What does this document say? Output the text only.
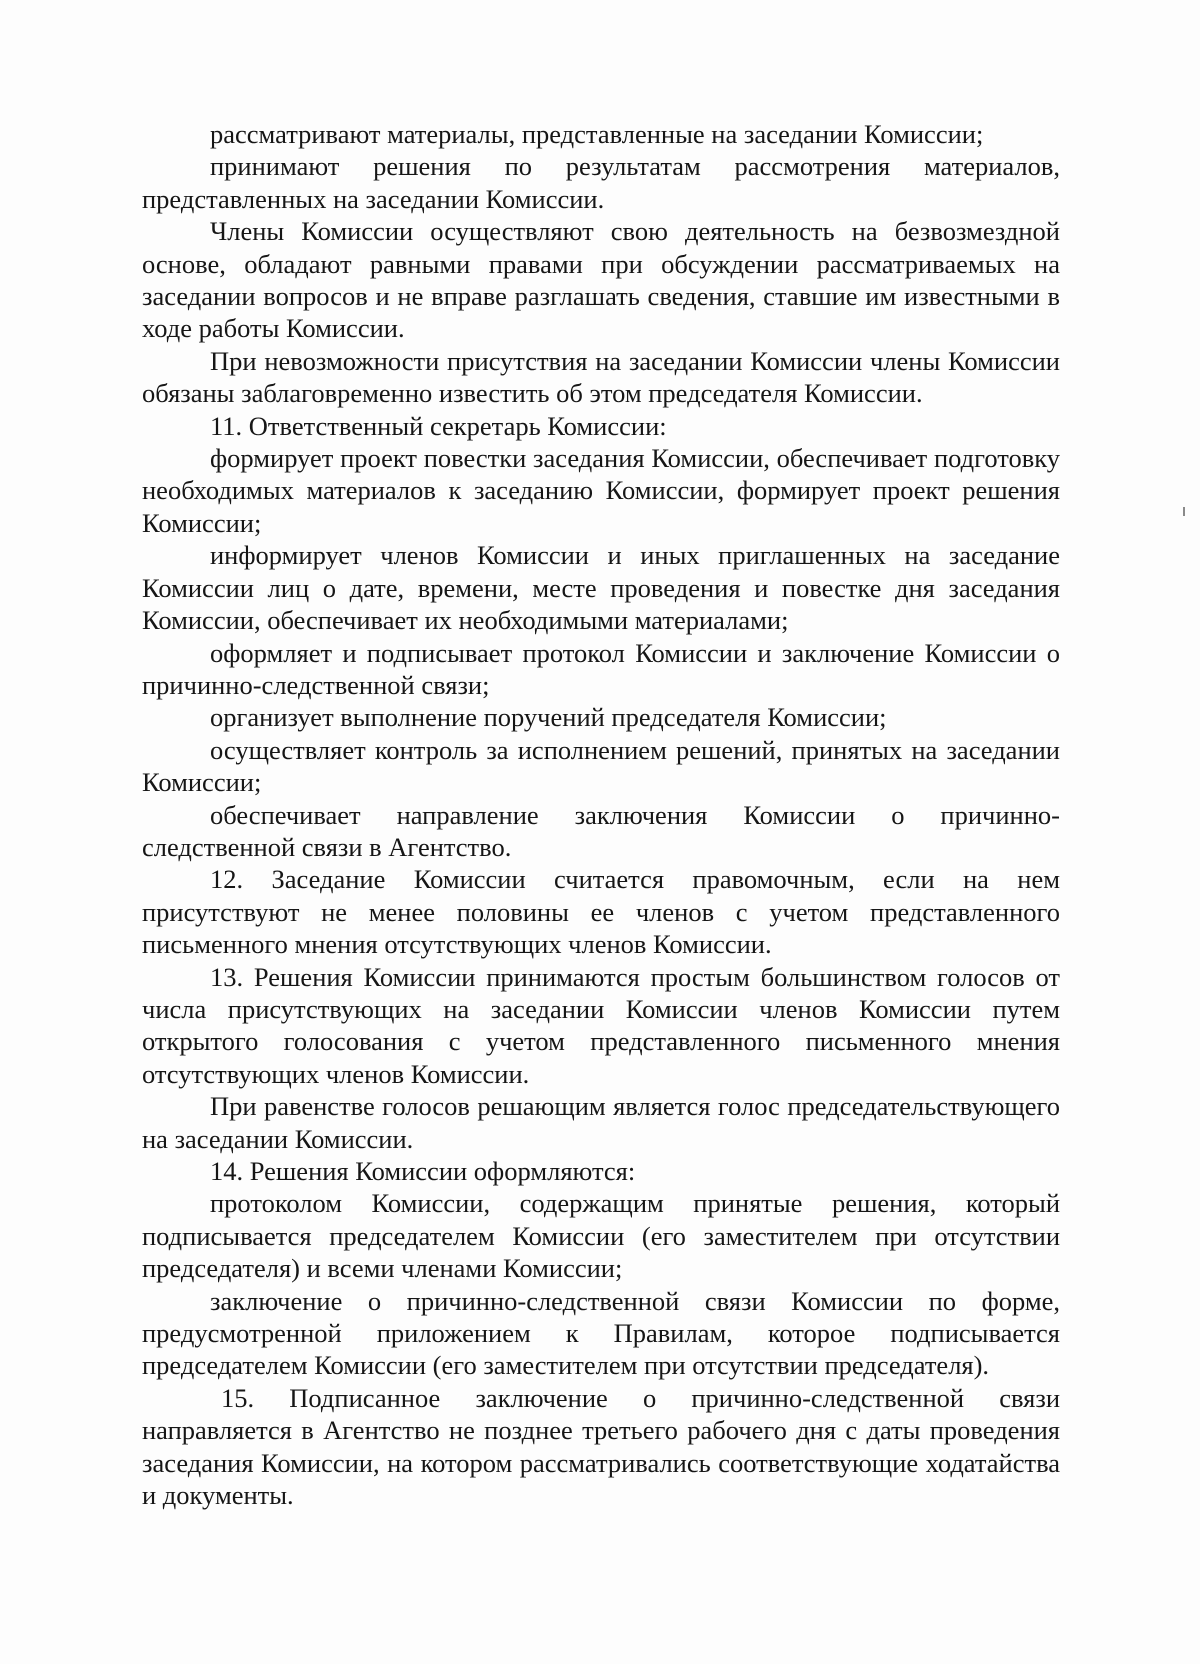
рассматривают материалы, представленные на заседании Комиссии;

принимают решения по результатам рассмотрения материалов, представленных на заседании Комиссии.

Члены Комиссии осуществляют свою деятельность на безвозмездной основе, обладают равными правами при обсуждении рассматриваемых на заседании вопросов и не вправе разглашать сведения, ставшие им известными в ходе работы Комиссии.

При невозможности присутствия на заседании Комиссии члены Комиссии обязаны заблаговременно известить об этом председателя Комиссии.

11. Ответственный секретарь Комиссии:

формирует проект повестки заседания Комиссии, обеспечивает подготовку необходимых материалов к заседанию Комиссии, формирует проект решения Комиссии;

информирует членов Комиссии и иных приглашенных на заседание Комиссии лиц о дате, времени, месте проведения и повестке дня заседания Комиссии, обеспечивает их необходимыми материалами;

оформляет и подписывает протокол Комиссии и заключение Комиссии о причинно-следственной связи;

организует выполнение поручений председателя Комиссии;

осуществляет контроль за исполнением решений, принятых на заседании Комиссии;

обеспечивает направление заключения Комиссии о причинно-следственной связи в Агентство.

12. Заседание Комиссии считается правомочным, если на нем присутствуют не менее половины ее членов с учетом представленного письменного мнения отсутствующих членов Комиссии.

13. Решения Комиссии принимаются простым большинством голосов от числа присутствующих на заседании Комиссии членов Комиссии путем открытого голосования с учетом представленного письменного мнения отсутствующих членов Комиссии.

При равенстве голосов решающим является голос председательствующего на заседании Комиссии.

14. Решения Комиссии оформляются:

протоколом Комиссии, содержащим принятые решения, который подписывается председателем Комиссии (его заместителем при отсутствии председателя) и всеми членами Комиссии;

заключение о причинно-следственной связи Комиссии по форме, предусмотренной приложением к Правилам, которое подписывается председателем Комиссии (его заместителем при отсутствии председателя).

15. Подписанное заключение о причинно-следственной связи направляется в Агентство не позднее третьего рабочего дня с даты проведения заседания Комиссии, на котором рассматривались соответствующие ходатайства и документы.
